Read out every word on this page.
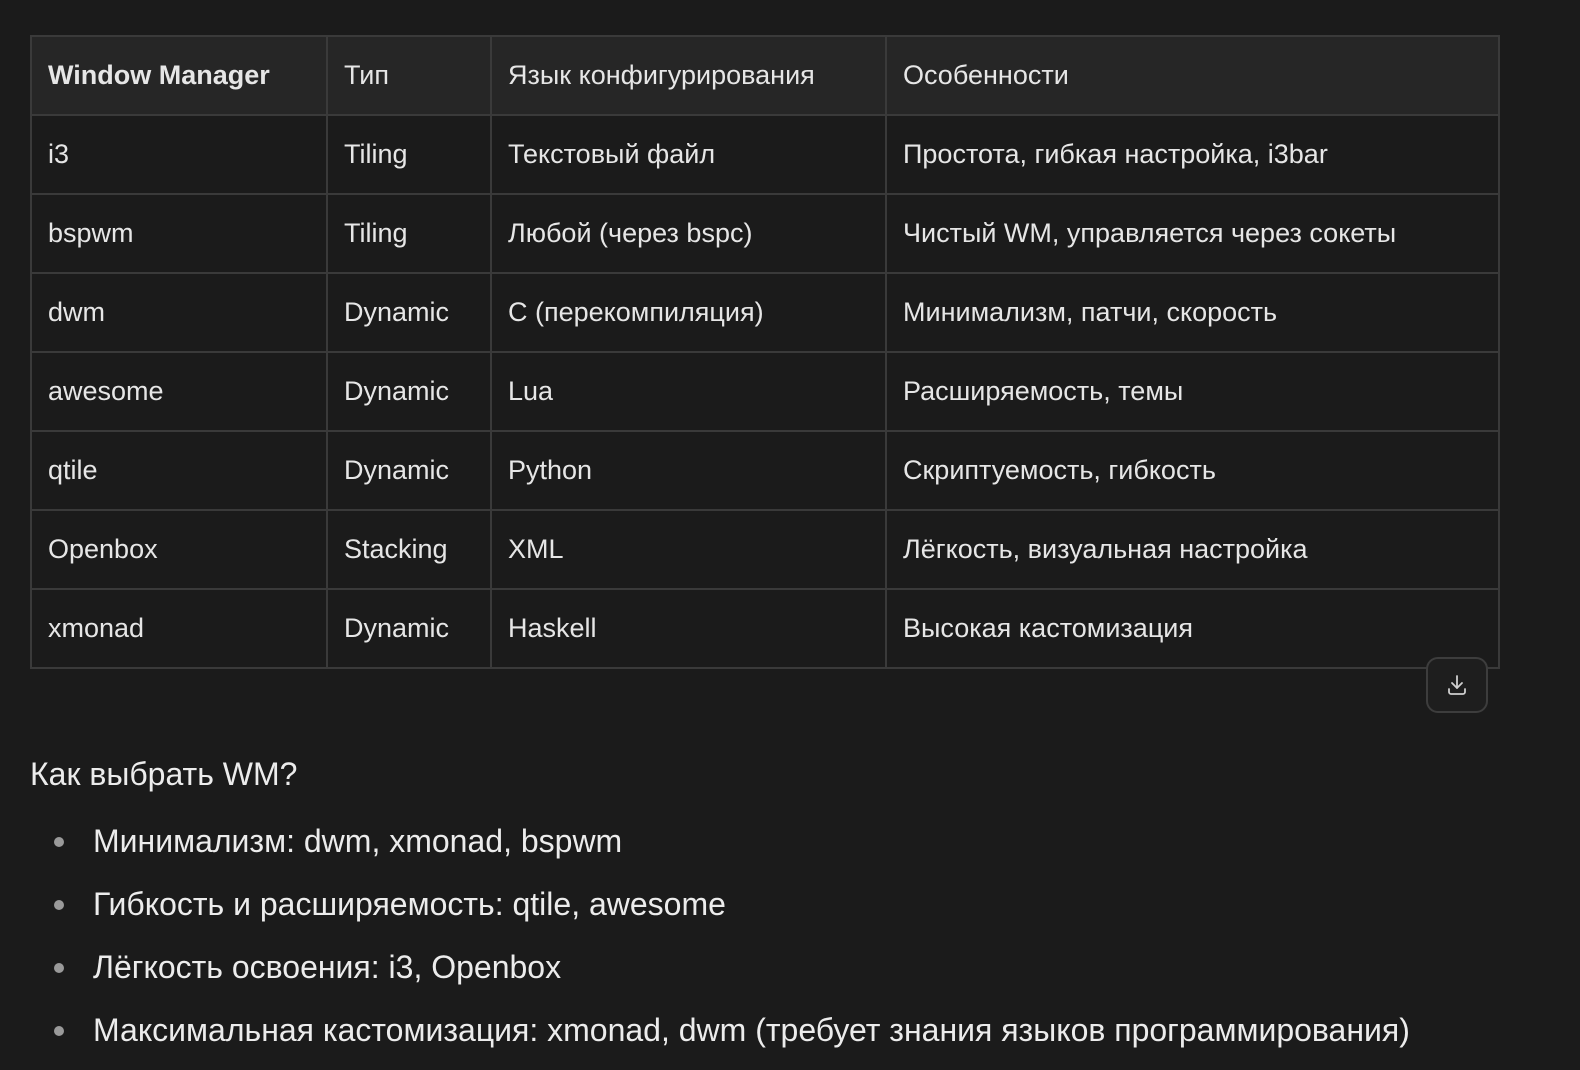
Window Manager	Тип	Язык конфигурирования	Особенности
i3	Tiling	Текстовый файл	Простота, гибкая настройка, i3bar
bspwm	Tiling	Любой (через bspc)	Чистый WM, управляется через сокеты
dwm	Dynamic	C (перекомпиляция)	Минимализм, патчи, скорость
awesome	Dynamic	Lua	Расширяемость, темы
qtile	Dynamic	Python	Скриптуемость, гибкость
Openbox	Stacking	XML	Лёгкость, визуальная настройка
xmonad	Dynamic	Haskell	Высокая кастомизация
Как выбрать WM?
Минимализм: dwm, xmonad, bspwm
Гибкость и расширяемость: qtile, awesome
Лёгкость освоения: i3, Openbox
Максимальная кастомизация: xmonad, dwm (требует знания языков программирования)
